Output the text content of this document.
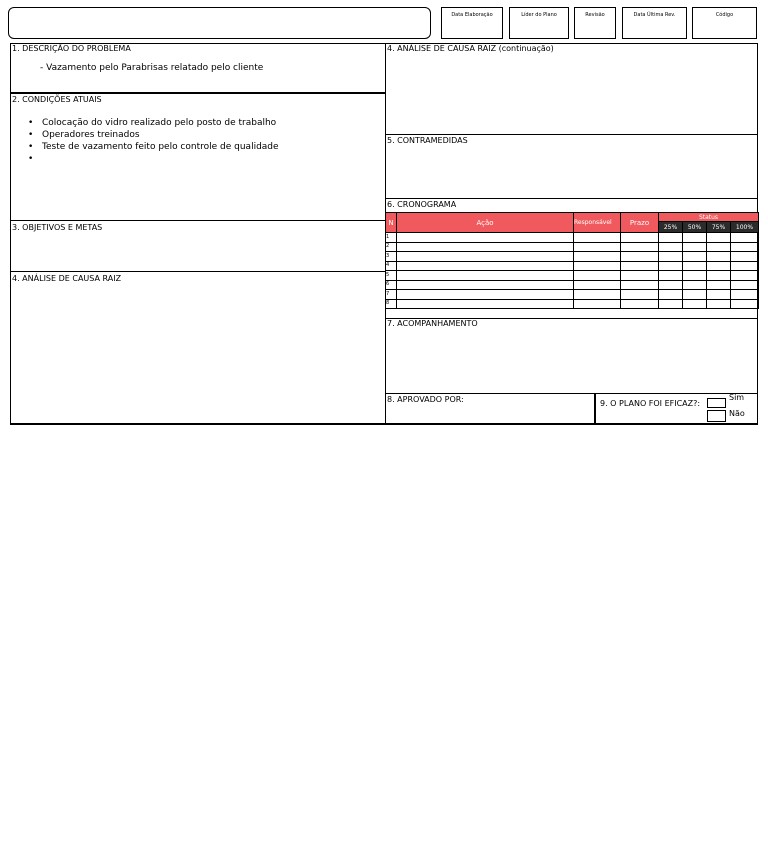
Data Elaboração	Líder do Plano	Revisão	Data Última Rev.	Código
1. DESCRIÇÃO DO PROBLEMA
- Vazamento pelo Parabrisas relatado pelo cliente
2. CONDIÇÕES ATUAIS
• Colocação do vidro realizado pelo posto de trabalho
• Operadores treinados
• Teste de vazamento feito pelo controle de qualidade
3. OBJETIVOS E METAS
4. ANÁLISE DE CAUSA RAIZ
4. ANÁLISE DE CAUSA RAIZ (continuação)
5. CONTRAMEDIDAS
6. CRONOGRAMA
N	Ação	Responsável	Prazo	Status			
				25%	50%	75%	100%
1							
2							
3							
4							
5							
6							
7							
8							
7. ACOMPANHAMENTO
8. APROVADO POR:	9. O PLANO FOI EFICAZ?:
Sim
Não
